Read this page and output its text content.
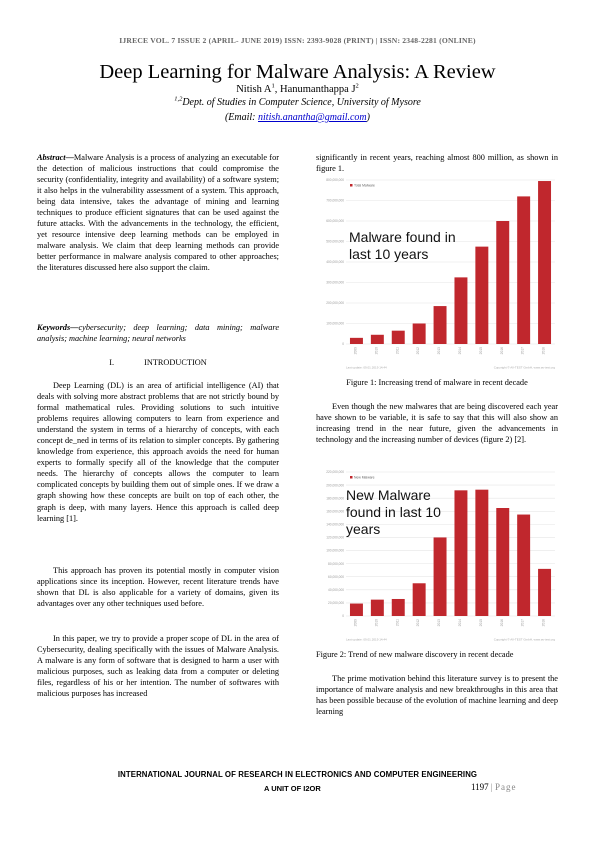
IJRECE VOL. 7 ISSUE 2 (APRIL- JUNE 2019) ISSN: 2393-9028 (PRINT) | ISSN: 2348-2281 (ONLINE)
Deep Learning for Malware Analysis: A Review
Nitish $A^1$, Hanumanthappa $J^2$
$^{1,2}$Dept. of Studies in Computer Science, University of Mysore
(Email: nitish.anantha@gmail.com)

Abstract—Malware Analysis is a process of analyzing an executable for the detection of malicious instructions that could compromise the security (confidentiality, integrity and availability) of a software system; it also helps in the vulnerability assessment of a system. This approach, being data intensive, takes the advantage of mining and learning techniques to produce efficient signatures that can be used against the future attacks. With the advancements in the technology, the efficient, yet resource intensive deep learning methods can be employed in malware analysis. We claim that deep learning methods can provide better performance in malware analysis compared to other approaches; the literatures discussed here also support the claim.

Keywords—cybersecurity; deep learning; data mining; malware analysis; machine learning; neural networks

I.	INTRODUCTION
Deep Learning (DL) is an area of artificial intelligence (AI) that deals with solving more abstract problems that are not strictly bound by formal mathematical rules. Providing solutions to such intuitive problems requires allowing computers to learn from experience and understand the system in terms of a hierarchy of concepts, with each concept de_ned in terms of its relation to simpler concepts. By gathering knowledge from experience, this approach avoids the need for human experts to formally specify all of the knowledge that the computer needs. The hierarchy of concepts allows the computer to learn complicated concepts by building them out of simple ones. If we draw a graph showing how these concepts are built on top of each other, the graph is deep, with many layers. Hence this approach is called deep learning [1].
This approach has proven its potential mostly in computer vision applications since its inception. However, recent literature trends have shown that DL is also applicable for a variety of domains, given its advantages over any other techniques used before.
In this paper, we try to provide a proper scope of DL in the area of Cybersecurity, dealing specifically with the issues of Malware Analysis. A malware is any form of software that is designed to harm a user with malicious purposes, such as leaking data from a computer or deleting files, regardless of his or her intention. The number of softwares with malicious purposes has increased
significantly in recent years, reaching almost 800 million, as shown in figure 1.
0
100,000,000
200,000,000
300,000,000
400,000,000
500,000,000
600,000,000
700,000,000
800,000,000
2009	2010	2011	2012	2013	2014	2015	2016	2017	2018
Total Malware
Malware found in
last 10 years
Last update: 09.01.2019 14:44	Copyright © AV-TEST GmbH, www.av-test.org
Figure 1: Increasing trend of malware in recent decade
Even though the new malwares that are being discovered each year have shown to be variable, it is safe to say that this will also show an increasing trend in the near future, given the advancements in technology and the increasing number of devices (figure 2) [2].
0
20,000,000
40,000,000
60,000,000
80,000,000
100,000,000
120,000,000
140,000,000
160,000,000
180,000,000
200,000,000
220,000,000
2009	2010	2011	2012	2013	2014	2015	2016	2017	2018
New Malware
New Malware
found in last 10
years
Last update: 09.01.2019 14:44	Copyright © AV-TEST GmbH, www.av-test.org
Figure 2: Trend of new malware discovery in recent decade
The prime motivation behind this literature survey is to present the importance of malware analysis and new breakthroughs in this area that has been possible because of the evolution of machine learning and deep learning
INTERNATIONAL JOURNAL OF RESEARCH IN ELECTRONICS AND COMPUTER ENGINEERING
A UNIT OF I2OR	1197 | Page
